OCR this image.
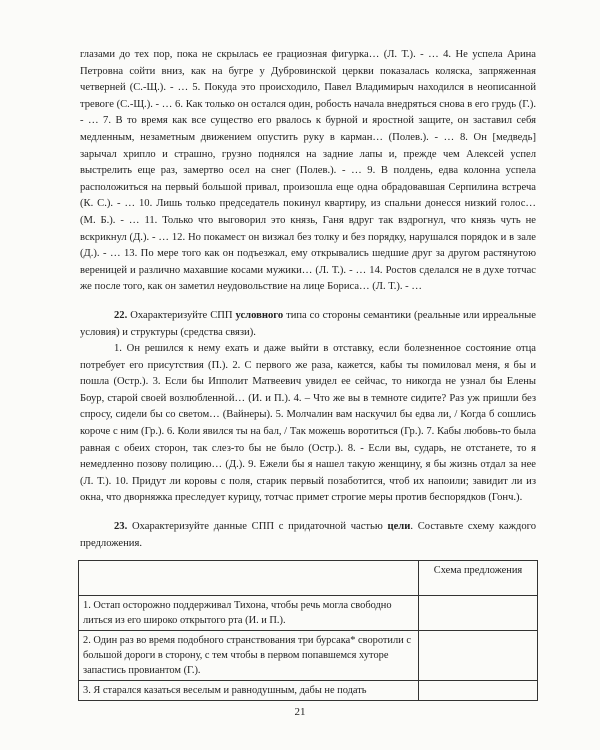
глазами до тех пор, пока не скрылась ее грациозная фигурка… (Л. Т.). - … 4. Не успела Арина Петровна сойти вниз, как на бугре у Дубровинской церкви показалась коляска, запряженная четверней (С.-Щ.). - … 5. Покуда это происходило, Павел Владимирыч находился в неописанной тревоге (С.-Щ.). - … 6. Как только он остался один, робость начала внедряться снова в его грудь (Г.). - … 7. В то время как все существо его рвалось к бурной и яростной защите, он заставил себя медленным, незаметным движением опустить руку в карман… (Полев.). - … 8. Он [медведь] зарычал хрипло и страшно, грузно поднялся на задние лапы и, прежде чем Алексей успел выстрелить еще раз, замертво осел на снег (Полев.). - … 9. В полдень, едва колонна успела расположиться на первый большой привал, произошла еще одна обрадовавшая Серпилина встреча (К. С.). - … 10. Лишь только председатель покинул квартиру, из спальни донесся низкий голос… (М. Б.). - … 11. Только что выговорил это князь, Ганя вдруг так вздрогнул, что князь чуть не вскрикнул (Д.). - … 12. Но покамест он визжал без толку и без порядку, нарушался порядок и в зале (Д.). - … 13. По мере того как он подъезжал, ему открывались шедшие друг за другом растянутою вереницей и различно махавшие косами мужики… (Л. Т.). - … 14. Ростов сделался не в духе тотчас же после того, как он заметил неудовольствие на лице Бориса… (Л. Т.). - …

22. Охарактеризуйте СПП условного типа со стороны семантики (реальные или ирреальные условия) и структуры (средства связи).

1. Он решился к нему ехать и даже выйти в отставку, если болезненное состояние отца потребует его присутствия (П.). 2. С первого же раза, кажется, кабы ты помиловал меня, я бы и пошла (Остр.). 3. Если бы Ипполит Матвеевич увидел ее сейчас, то никогда не узнал бы Елены Боур, старой своей возлюбленной… (И. и П.). 4. – Что же вы в темноте сидите? Раз уж пришли без спросу, сидели бы со светом… (Вайнеры). 5. Молчалин вам наскучил бы едва ли, / Когда б сошлись короче с ним (Гр.). 6. Коли явился ты на бал, / Так можешь воротиться (Гр.). 7. Кабы любовь-то была равная с обеих сторон, так слез-то бы не было (Остр.). 8. - Если вы, сударь, не отстанете, то я немедленно позову полицию… (Д.). 9. Ежели бы я нашел такую женщину, я бы жизнь отдал за нее (Л. Т.). 10. Придут ли коровы с поля, старик первый позаботится, чтоб их напоили; завидит ли из окна, что дворняжка преследует курицу, тотчас примет строгие меры против беспорядков (Гонч.).

23. Охарактеризуйте данные СПП с придаточной частью цели. Составьте схему каждого предложения.

	Схема предложения
1. Остап осторожно поддерживал Тихона, чтобы речь могла свободно литься из его широко открытого рта (И. и П.).	
2. Один раз во время подобного странствования три бурсака* своротили с большой дороги в сторону, с тем чтобы в первом попавшемся хуторе запастись провиантом (Г.).	
3. Я старался казаться веселым и равнодушным, дабы не подать	
21
